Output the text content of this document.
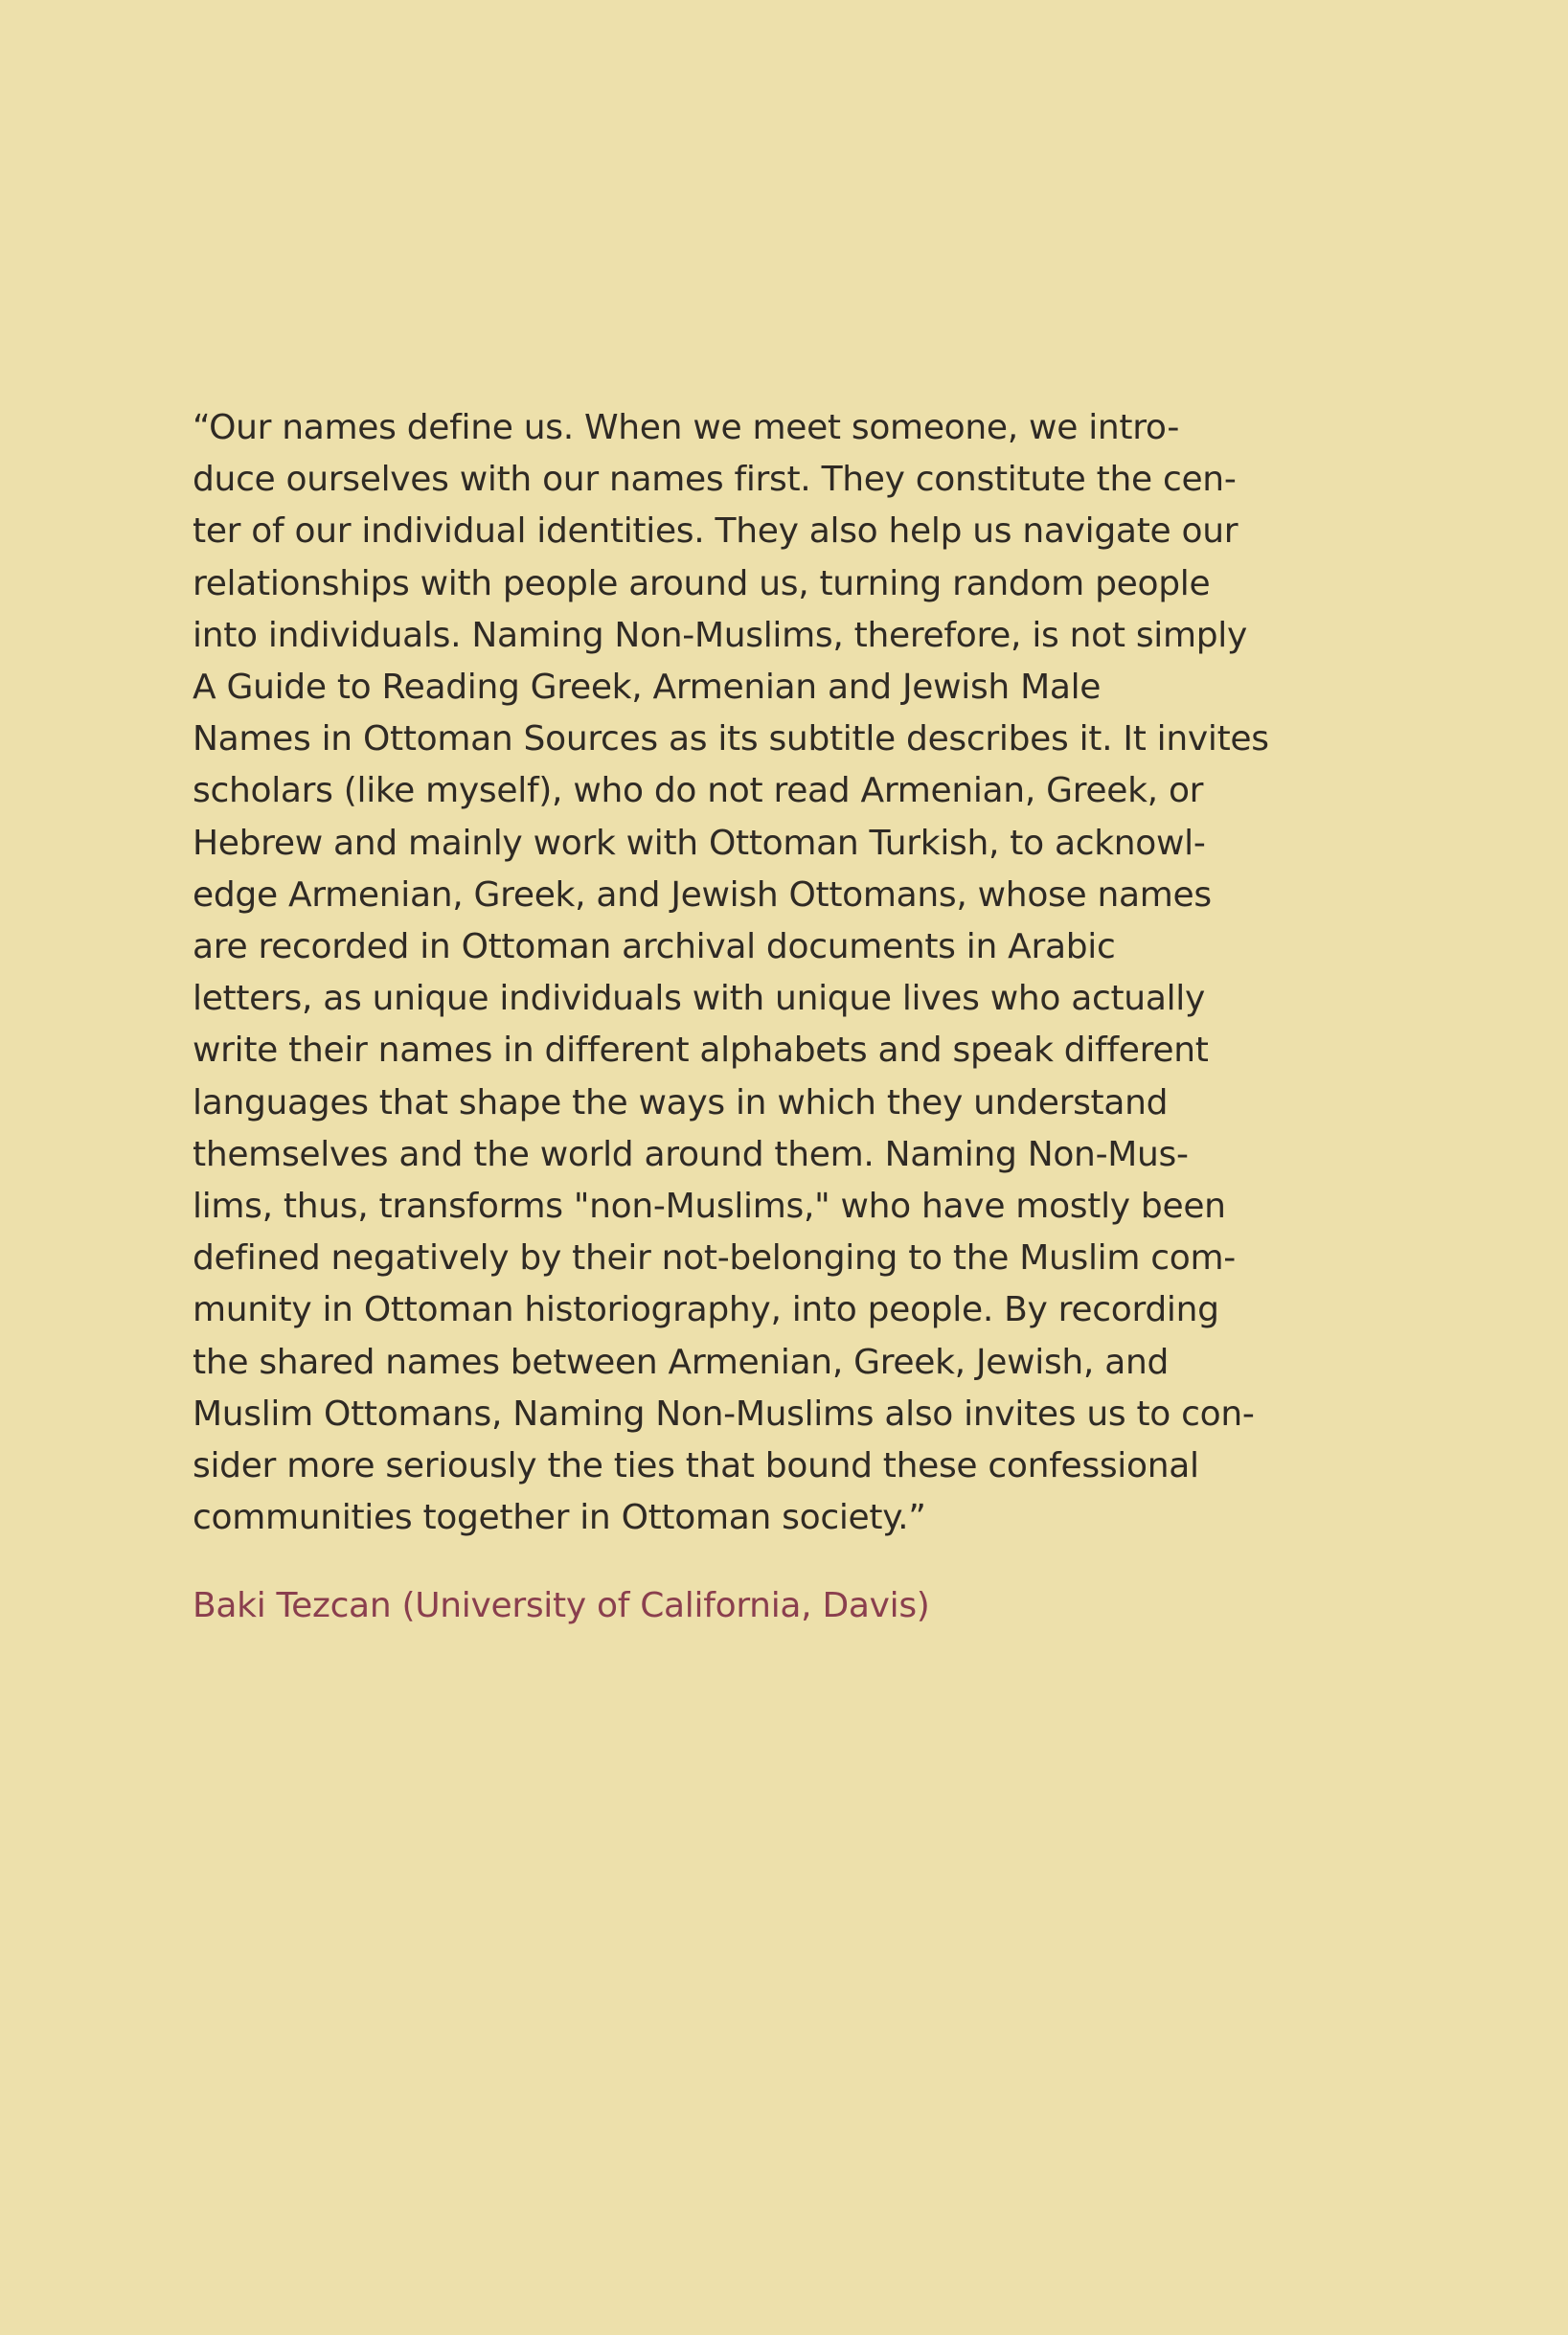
“Our names define us. When we meet someone, we intro-
duce ourselves with our names first. They constitute the cen-
ter of our individual identities. They also help us navigate our
relationships with people around us, turning random people
into individuals. Naming Non-Muslims, therefore, is not simply
A Guide to Reading Greek, Armenian and Jewish Male
Names in Ottoman Sources as its subtitle describes it. It invites
scholars (like myself), who do not read Armenian, Greek, or
Hebrew and mainly work with Ottoman Turkish, to acknowl-
edge Armenian, Greek, and Jewish Ottomans, whose names
are recorded in Ottoman archival documents in Arabic
letters, as unique individuals with unique lives who actually
write their names in different alphabets and speak different
languages that shape the ways in which they understand
themselves and the world around them. Naming Non-Mus-
lims, thus, transforms "non-Muslims," who have mostly been
defined negatively by their not-belonging to the Muslim com-
munity in Ottoman historiography, into people. By recording
the shared names between Armenian, Greek, Jewish, and
Muslim Ottomans, Naming Non-Muslims also invites us to con-
sider more seriously the ties that bound these confessional
communities together in Ottoman society.”
Baki Tezcan (University of California, Davis)
